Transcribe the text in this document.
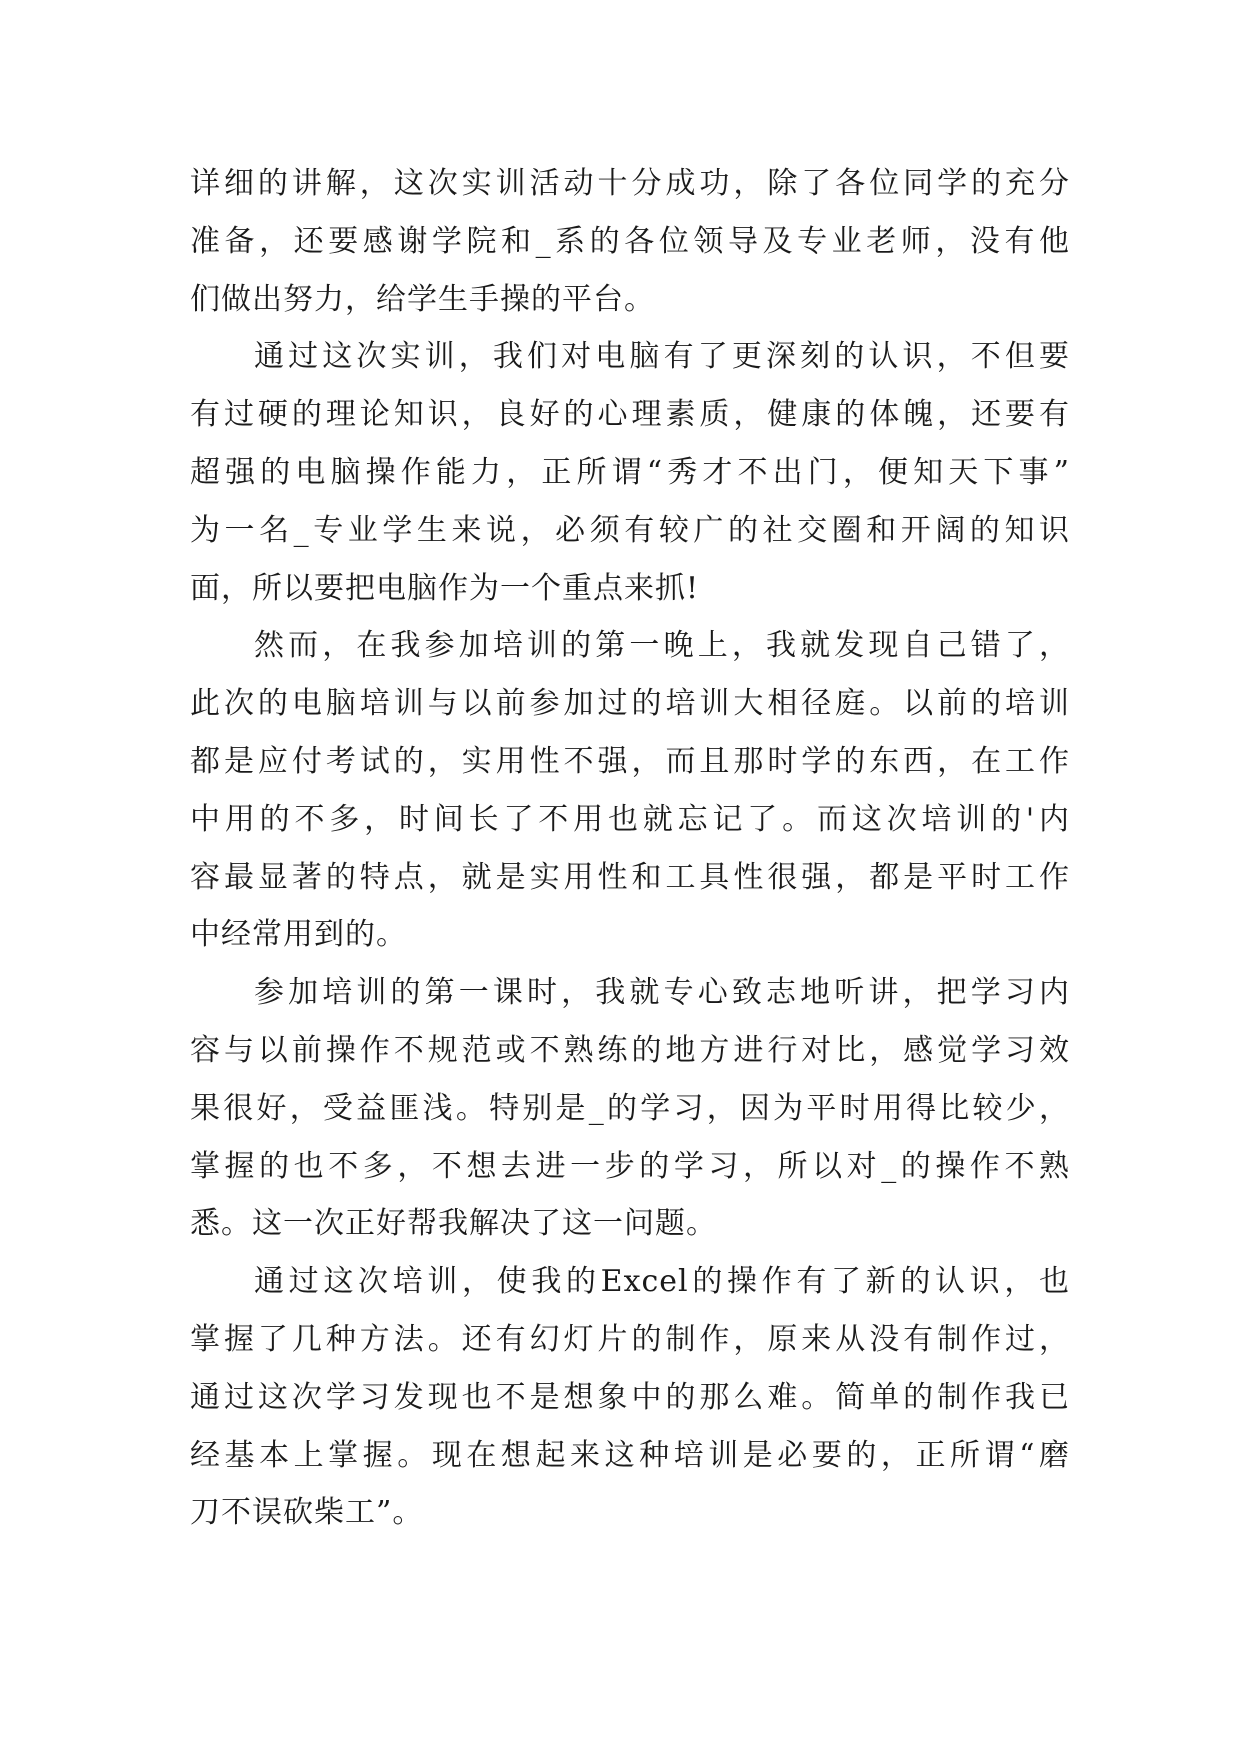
详细的讲解，这次实训活动十分成功，除了各位同学的充分
准备，还要感谢学院和_系的各位领导及专业老师，没有他
们做出努力，给学生手操的平台。
通过这次实训，我们对电脑有了更深刻的认识，不但要
有过硬的理论知识，良好的心理素质，健康的体魄，还要有
超强的电脑操作能力，正所谓“秀才不出门，便知天下事”
为一名_专业学生来说，必须有较广的社交圈和开阔的知识
面，所以要把电脑作为一个重点来抓!
然而，在我参加培训的第一晚上，我就发现自己错了，
此次的电脑培训与以前参加过的培训大相径庭。以前的培训
都是应付考试的，实用性不强，而且那时学的东西，在工作
中用的不多，时间长了不用也就忘记了。而这次培训的'内
容最显著的特点，就是实用性和工具性很强，都是平时工作
中经常用到的。
参加培训的第一课时，我就专心致志地听讲，把学习内
容与以前操作不规范或不熟练的地方进行对比，感觉学习效
果很好，受益匪浅。特别是_的学习，因为平时用得比较少，
掌握的也不多，不想去进一步的学习，所以对_的操作不熟
悉。这一次正好帮我解决了这一问题。
通过这次培训，使我的Excel的操作有了新的认识，也
掌握了几种方法。还有幻灯片的制作，原来从没有制作过，
通过这次学习发现也不是想象中的那么难。简单的制作我已
经基本上掌握。现在想起来这种培训是必要的，正所谓“磨
刀不误砍柴工”。
